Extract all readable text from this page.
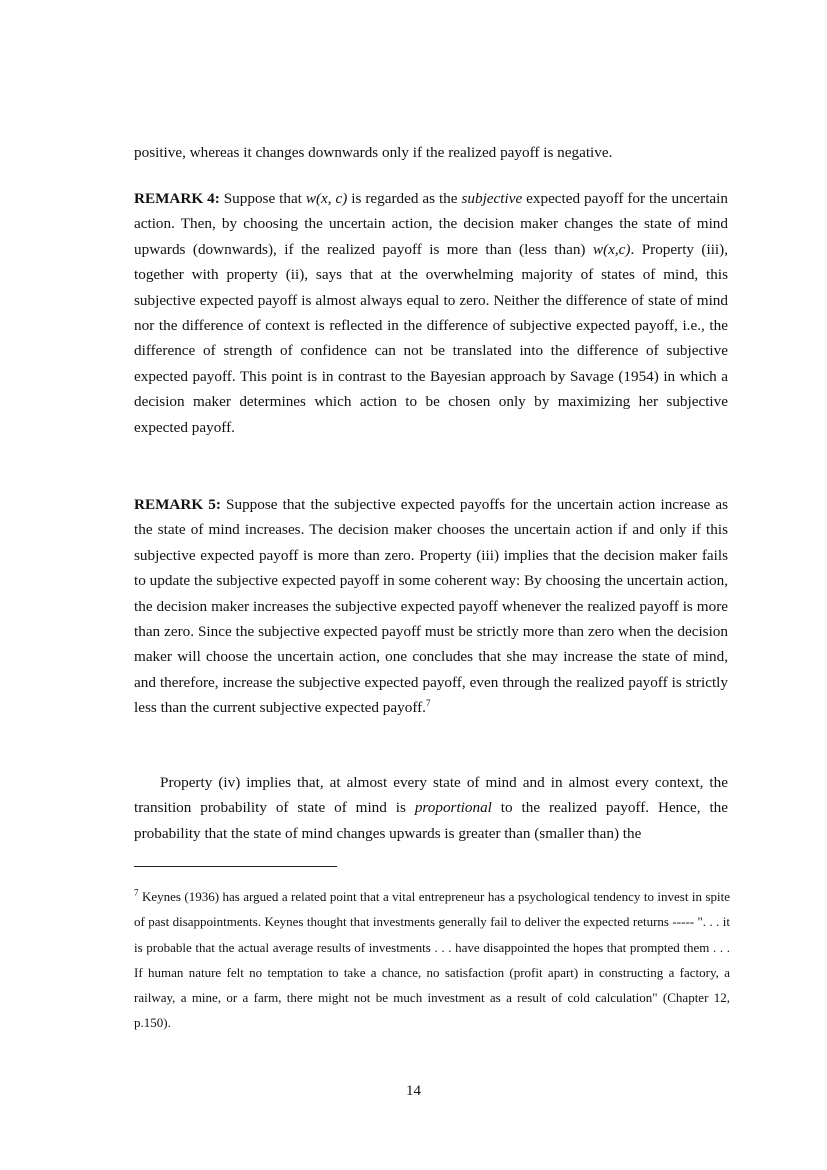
positive, whereas it changes downwards only if the realized payoff is negative.
REMARK 4: Suppose that w(x, c) is regarded as the subjective expected payoff for the uncertain action. Then, by choosing the uncertain action, the decision maker changes the state of mind upwards (downwards), if the realized payoff is more than (less than) w(x,c). Property (iii), together with property (ii), says that at the overwhelming majority of states of mind, this subjective expected payoff is almost always equal to zero. Neither the difference of state of mind nor the difference of context is reflected in the difference of subjective expected payoff, i.e., the difference of strength of confidence can not be translated into the difference of subjective expected payoff. This point is in contrast to the Bayesian approach by Savage (1954) in which a decision maker determines which action to be chosen only by maximizing her subjective expected payoff.
REMARK 5: Suppose that the subjective expected payoffs for the uncertain action increase as the state of mind increases. The decision maker chooses the uncertain action if and only if this subjective expected payoff is more than zero. Property (iii) implies that the decision maker fails to update the subjective expected payoff in some coherent way: By choosing the uncertain action, the decision maker increases the subjective expected payoff whenever the realized payoff is more than zero. Since the subjective expected payoff must be strictly more than zero when the decision maker will choose the uncertain action, one concludes that she may increase the state of mind, and therefore, increase the subjective expected payoff, even through the realized payoff is strictly less than the current subjective expected payoff.$^7$
Property (iv) implies that, at almost every state of mind and in almost every context, the transition probability of state of mind is proportional to the realized payoff. Hence, the probability that the state of mind changes upwards is greater than (smaller than) the
$^7$ Keynes (1936) has argued a related point that a vital entrepreneur has a psychological tendency to invest in spite of past disappointments. Keynes thought that investments generally fail to deliver the expected returns ----- ". . . it is probable that the actual average results of investments . . . have disappointed the hopes that prompted them . . . If human nature felt no temptation to take a chance, no satisfaction (profit apart) in constructing a factory, a railway, a mine, or a farm, there might not be much investment as a result of cold calculation" (Chapter 12, p.150).
14
